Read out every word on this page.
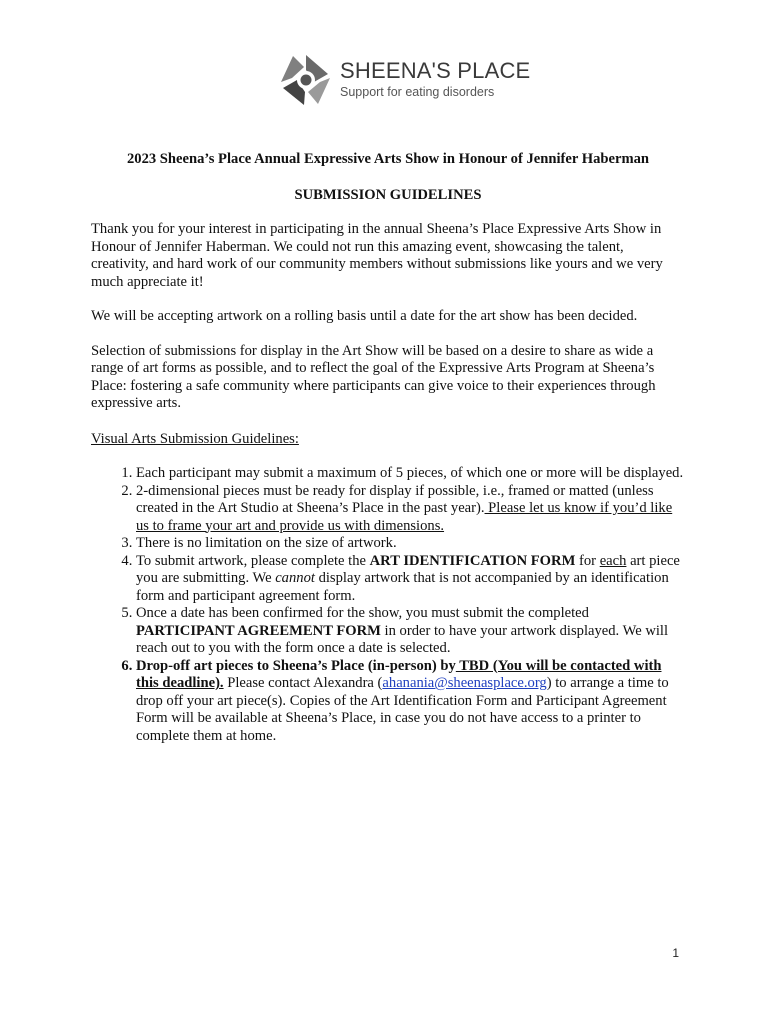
SHEENA'S PLACE
Support for eating disorders

2023 Sheena’s Place Annual Expressive Arts Show in Honour of Jennifer Haberman

SUBMISSION GUIDELINES

Thank you for your interest in participating in the annual Sheena’s Place Expressive Arts Show in Honour of Jennifer Haberman. We could not run this amazing event, showcasing the talent, creativity, and hard work of our community members without submissions like yours and we very much appreciate it!

We will be accepting artwork on a rolling basis until a date for the art show has been decided.

Selection of submissions for display in the Art Show will be based on a desire to share as wide a range of art forms as possible, and to reflect the goal of the Expressive Arts Program at Sheena’s Place: fostering a safe community where participants can give voice to their experiences through expressive arts.

Visual Arts Submission Guidelines:

1. Each participant may submit a maximum of 5 pieces, of which one or more will be displayed.
2. 2-dimensional pieces must be ready for display if possible, i.e., framed or matted (unless created in the Art Studio at Sheena’s Place in the past year). Please let us know if you’d like us to frame your art and provide us with dimensions.
3. There is no limitation on the size of artwork.
4. To submit artwork, please complete the ART IDENTIFICATION FORM for each art piece you are submitting. We cannot display artwork that is not accompanied by an identification form and participant agreement form.
5. Once a date has been confirmed for the show, you must submit the completed PARTICIPANT AGREEMENT FORM in order to have your artwork displayed. We will reach out to you with the form once a date is selected.
6. Drop-off art pieces to Sheena’s Place (in-person) by TBD (You will be contacted with this deadline). Please contact Alexandra (ahanania@sheenasplace.org) to arrange a time to drop off your art piece(s). Copies of the Art Identification Form and Participant Agreement Form will be available at Sheena’s Place, in case you do not have access to a printer to complete them at home.
1
